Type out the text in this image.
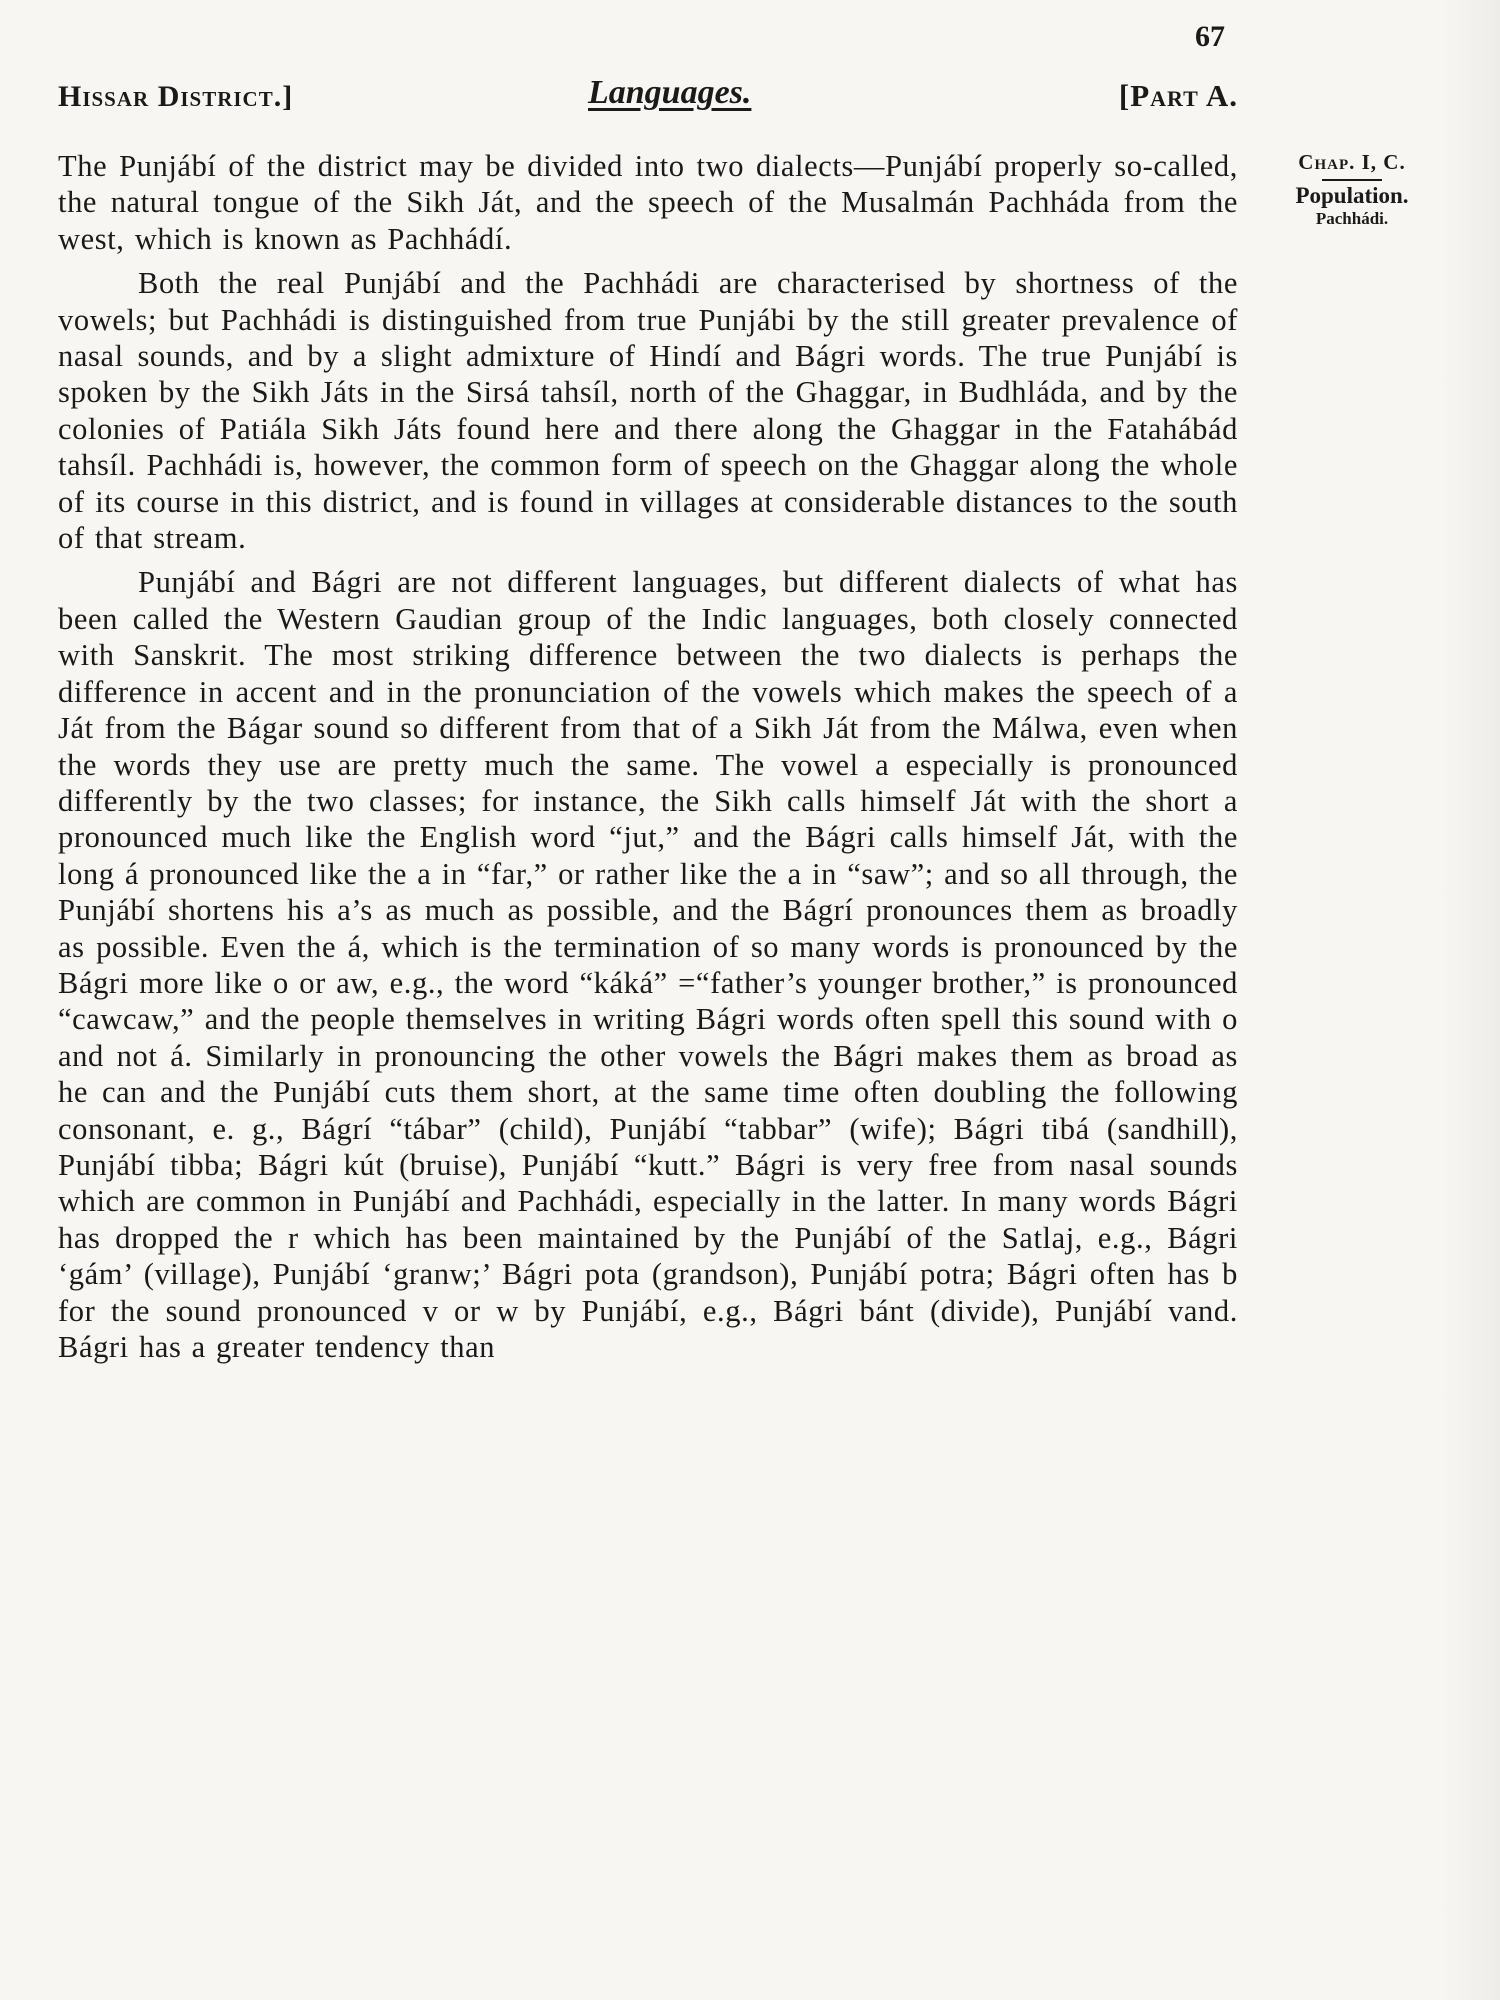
67
Hissar District.]	Languages.	[Part A.
Chap. I, C.
Population.
Pachhádi.

The Punjábí of the district may be divided into two dialects—Punjábí properly so-called, the natural tongue of the Sikh Ját, and the speech of the Musalmán Pachháda from the west, which is known as Pachhádí.

Both the real Punjábí and the Pachhádi are characterised by shortness of the vowels; but Pachhádi is distinguished from true Punjábi by the still greater prevalence of nasal sounds, and by a slight admixture of Hindí and Bágri words. The true Punjábí is spoken by the Sikh Játs in the Sirsá tahsíl, north of the Ghaggar, in Budhláda, and by the colonies of Patiála Sikh Játs found here and there along the Ghaggar in the Fatahábád tahsíl. Pachhádi is, however, the common form of speech on the Ghaggar along the whole of its course in this district, and is found in villages at considerable distances to the south of that stream.

Punjábí and Bágri are not different languages, but different dialects of what has been called the Western Gaudian group of the Indic languages, both closely connected with Sanskrit. The most striking difference between the two dialects is perhaps the difference in accent and in the pronunciation of the vowels which makes the speech of a Ját from the Bágar sound so different from that of a Sikh Ját from the Málwa, even when the words they use are pretty much the same. The vowel a especially is pronounced differently by the two classes; for instance, the Sikh calls himself Ját with the short a pronounced much like the English word “jut,” and the Bágri calls himself Ját, with the long á pronounced like the a in “far,” or rather like the a in “saw”; and so all through, the Punjábí shortens his a’s as much as possible, and the Bágrí pronounces them as broadly as possible. Even the á, which is the termination of so many words is pronounced by the Bágri more like o or aw, e.g., the word “káká” =“father’s younger brother,” is pronounced “cawcaw,” and the people themselves in writing Bágri words often spell this sound with o and not á. Similarly in pronouncing the other vowels the Bágri makes them as broad as he can and the Punjábí cuts them short, at the same time often doubling the following consonant, e. g., Bágrí “tábar” (child), Punjábí “tabbar” (wife); Bágri tibá (sandhill), Punjábí tibba; Bágri kút (bruise), Punjábí “kutt.” Bágri is very free from nasal sounds which are common in Punjábí and Pachhádi, especially in the latter. In many words Bágri has dropped the r which has been maintained by the Punjábí of the Satlaj, e.g., Bágri ‘gám’ (village), Punjábí ‘granw;’ Bágri pota (grandson), Punjábí potra; Bágri often has b for the sound pronounced v or w by Punjábí, e.g., Bágri bánt (divide), Punjábí vand. Bágri has a greater tendency than
